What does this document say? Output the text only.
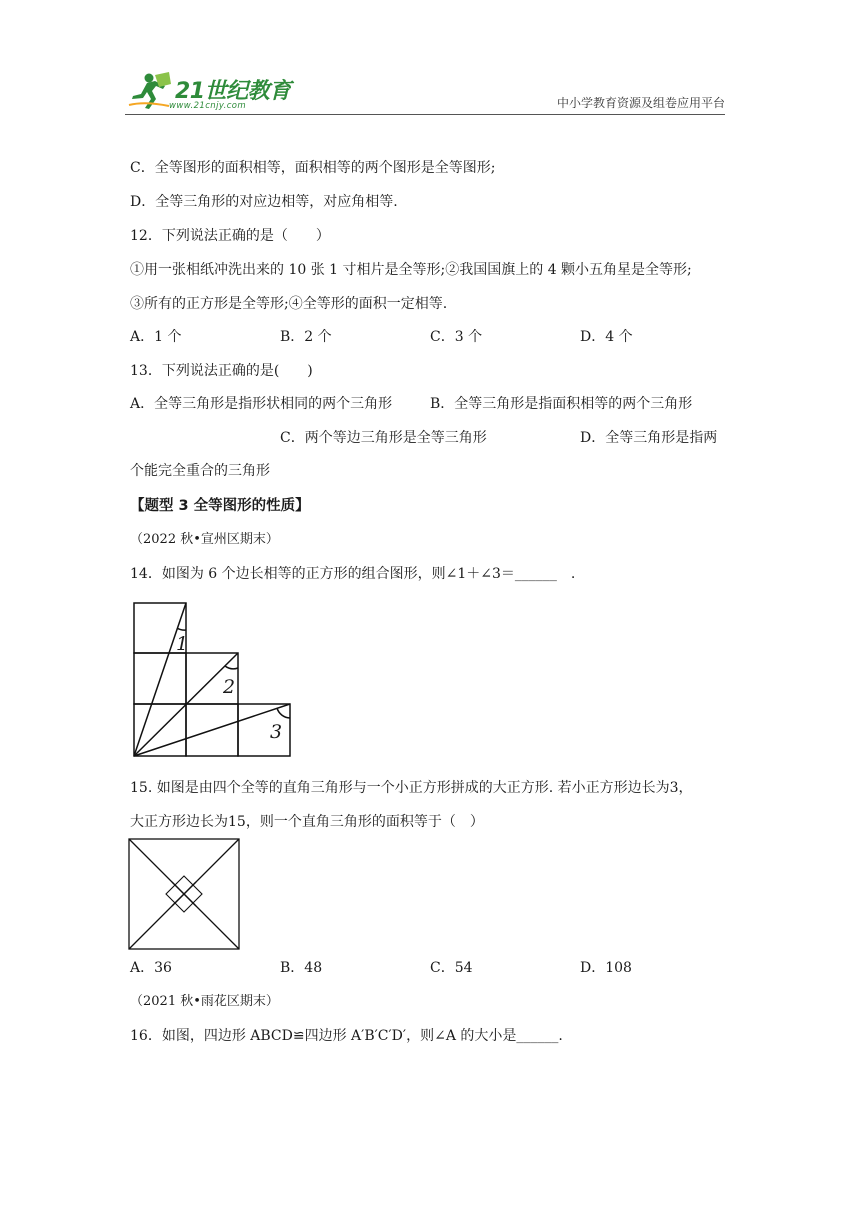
21世纪教育
www.21cnjy.com	中小学教育资源及组卷应用平台
C．全等图形的面积相等，面积相等的两个图形是全等图形;
D．全等三角形的对应边相等，对应角相等.
12．下列说法正确的是（　　）
①用一张相纸冲洗出来的 10 张 1 寸相片是全等形;②我国国旗上的 4 颗小五角星是全等形;
③所有的正方形是全等形;④全等形的面积一定相等.
A．1 个	B．2 个	C．3 个	D．4 个
13．下列说法正确的是(　　)
A．全等三角形是指形状相同的两个三角形	B．全等三角形是指面积相等的两个三角形
C．两个等边三角形是全等三角形	D．全等三角形是指两
个能完全重合的三角形
【题型 3 全等图形的性质】
（2022 秋•宣州区期末）
14．如图为 6 个边长相等的正方形的组合图形，则∠1＋∠3＝______　.
1
2
3
15. 如图是由四个全等的直角三角形与一个小正方形拼成的大正方形. 若小正方形边长为3，
大正方形边长为15，则一个直角三角形的面积等于（　）
A．36	B．48	C．54	D．108
（2021 秋•雨花区期末）
16．如图，四边形 ABCD≌四边形 A′B′C′D′，则∠A 的大小是______.
